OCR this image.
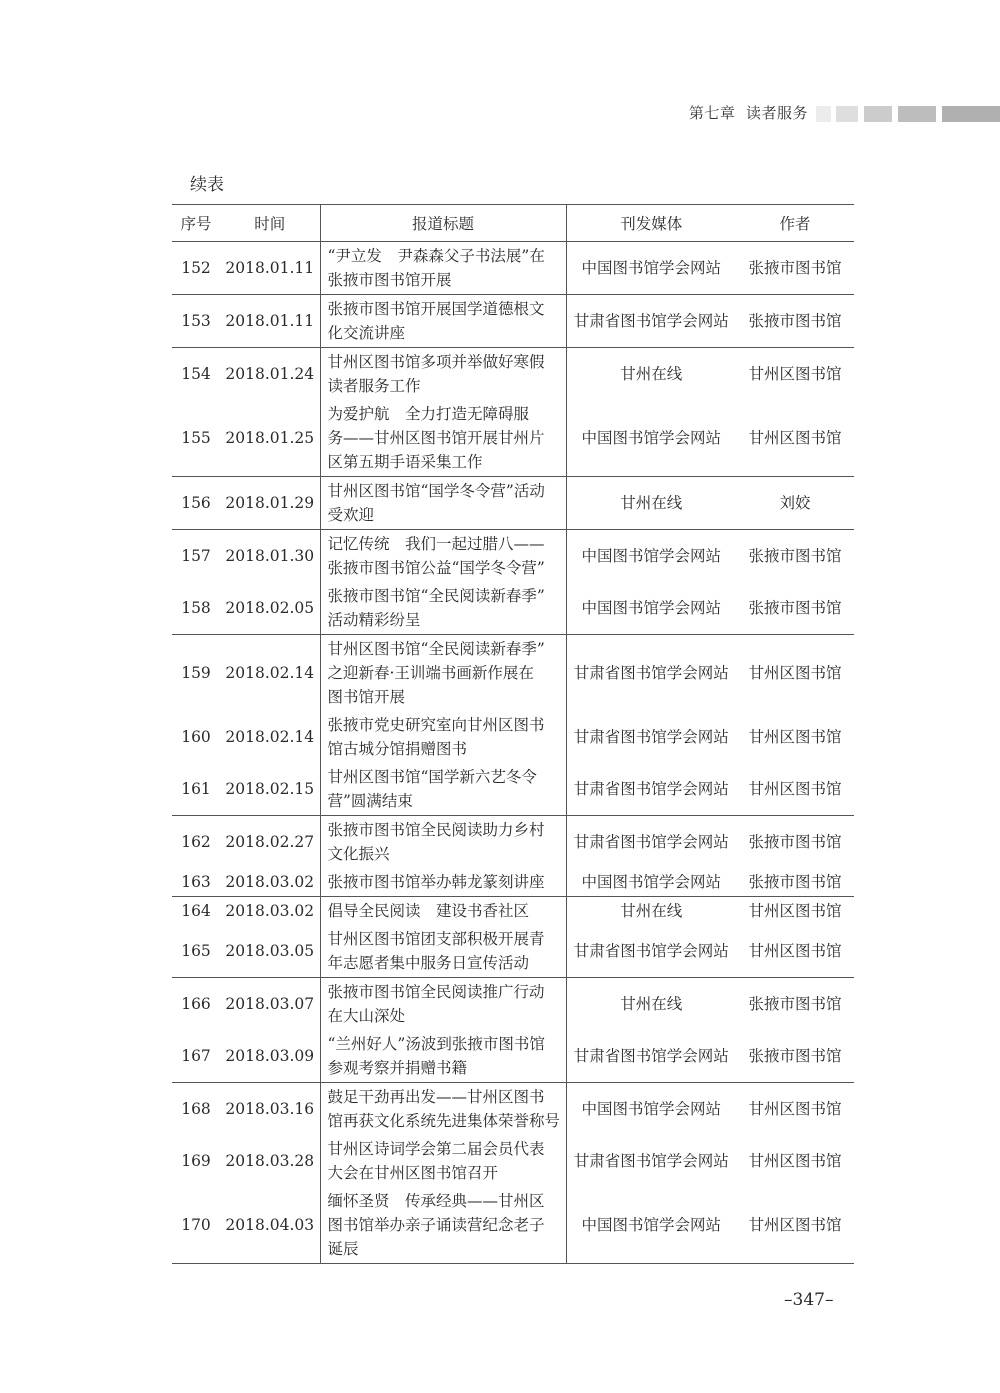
第七章 读者服务
续表
序号	时间	报道标题	刊发媒体	作者
152	2018.01.11	“尹立发　尹森森父子书法展”在
张掖市图书馆开展	中国图书馆学会网站	张掖市图书馆
153	2018.01.11	张掖市图书馆开展国学道德根文
化交流讲座	甘肃省图书馆学会网站	张掖市图书馆
154	2018.01.24	甘州区图书馆多项并举做好寒假
读者服务工作	甘州在线	甘州区图书馆
155	2018.01.25	为爱护航　全力打造无障碍服
务——甘州区图书馆开展甘州片
区第五期手语采集工作	中国图书馆学会网站	甘州区图书馆
156	2018.01.29	甘州区图书馆“国学冬令营”活动
受欢迎	甘州在线	刘姣
157	2018.01.30	记忆传统　我们一起过腊八——
张掖市图书馆公益“国学冬令营”	中国图书馆学会网站	张掖市图书馆
158	2018.02.05	张掖市图书馆“全民阅读新春季”
活动精彩纷呈	中国图书馆学会网站	张掖市图书馆
159	2018.02.14	甘州区图书馆“全民阅读新春季”
之迎新春·王训端书画新作展在
图书馆开展	甘肃省图书馆学会网站	甘州区图书馆
160	2018.02.14	张掖市党史研究室向甘州区图书
馆古城分馆捐赠图书	甘肃省图书馆学会网站	甘州区图书馆
161	2018.02.15	甘州区图书馆“国学新六艺冬令
营”圆满结束	甘肃省图书馆学会网站	甘州区图书馆
162	2018.02.27	张掖市图书馆全民阅读助力乡村
文化振兴	甘肃省图书馆学会网站	张掖市图书馆
163	2018.03.02	张掖市图书馆举办韩龙篆刻讲座	中国图书馆学会网站	张掖市图书馆
164	2018.03.02	倡导全民阅读　建设书香社区	甘州在线	甘州区图书馆
165	2018.03.05	甘州区图书馆团支部积极开展青
年志愿者集中服务日宣传活动	甘肃省图书馆学会网站	甘州区图书馆
166	2018.03.07	张掖市图书馆全民阅读推广行动
在大山深处	甘州在线	张掖市图书馆
167	2018.03.09	“兰州好人”汤波到张掖市图书馆
参观考察并捐赠书籍	甘肃省图书馆学会网站	张掖市图书馆
168	2018.03.16	鼓足干劲再出发——甘州区图书
馆再获文化系统先进集体荣誉称号	中国图书馆学会网站	甘州区图书馆
169	2018.03.28	甘州区诗词学会第二届会员代表
大会在甘州区图书馆召开	甘肃省图书馆学会网站	甘州区图书馆
170	2018.04.03	缅怀圣贤　传承经典——甘州区
图书馆举办亲子诵读营纪念老子
诞辰	中国图书馆学会网站	甘州区图书馆
–347–
